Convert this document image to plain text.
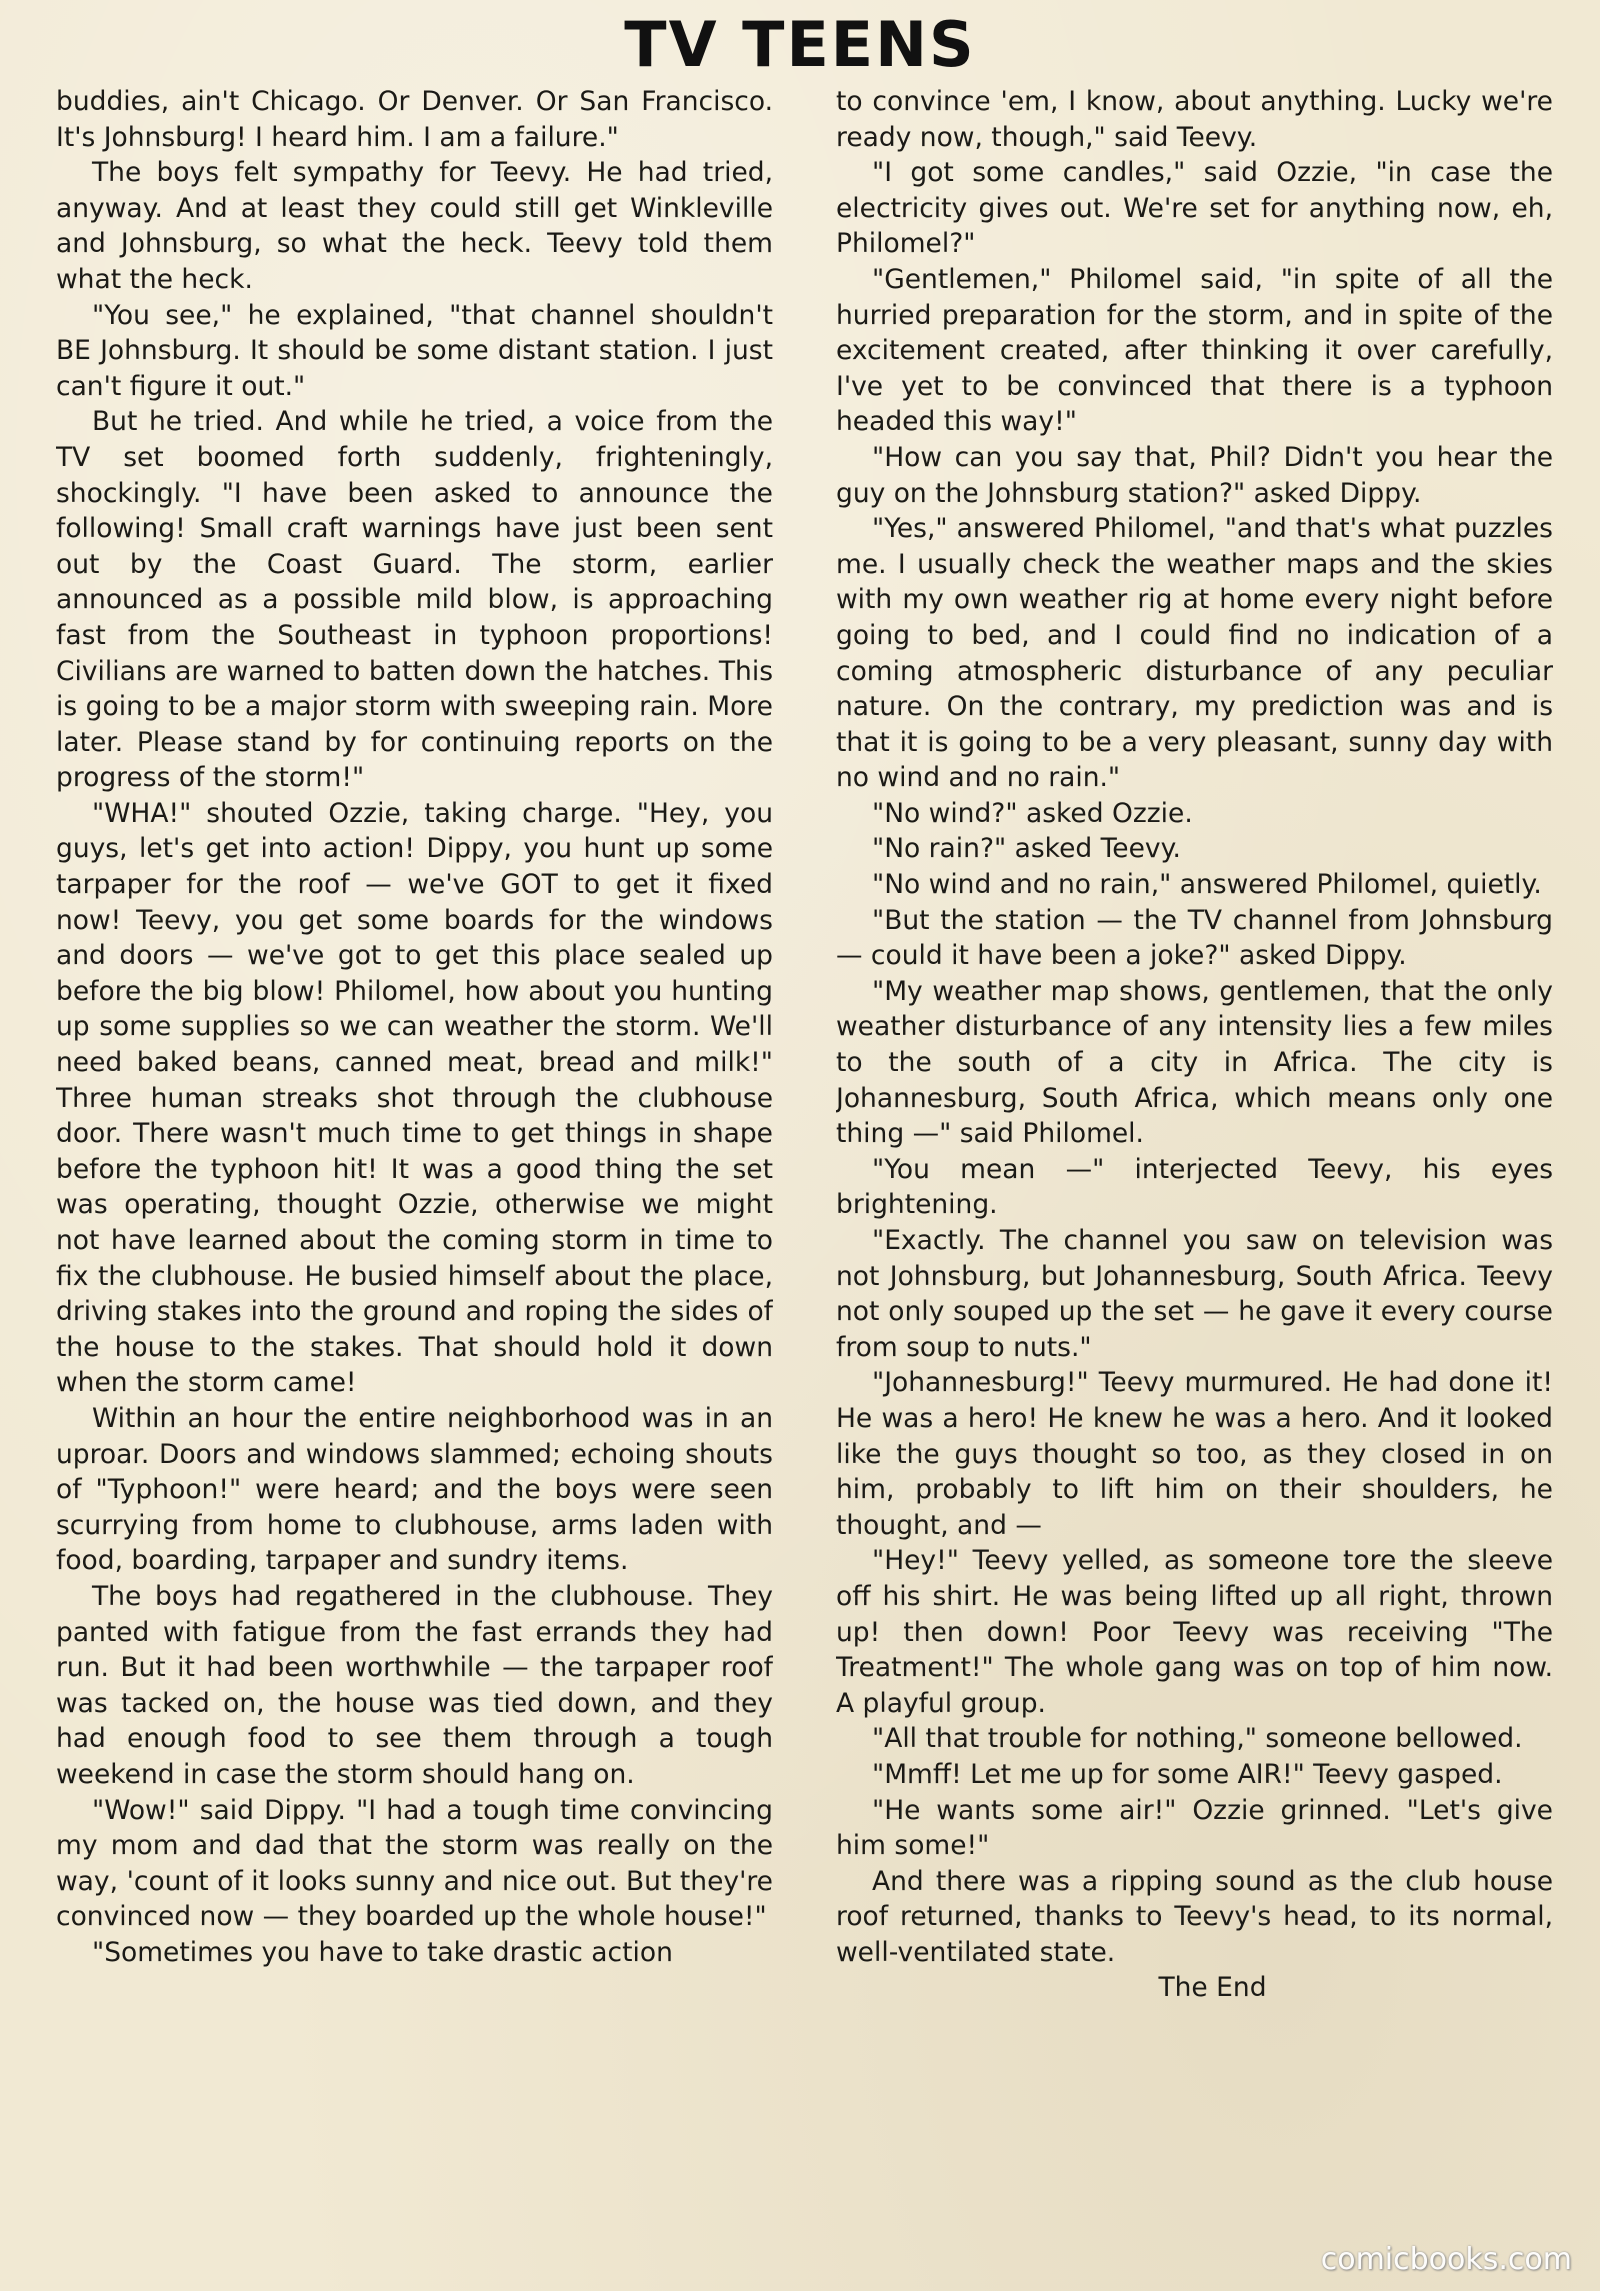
TV TEENS

buddies, ain't Chicago. Or Denver. Or San Francisco. It's Johnsburg! I heard him. I am a failure."

The boys felt sympathy for Teevy. He had tried, anyway. And at least they could still get Winkleville and Johnsburg, so what the heck. Teevy told them what the heck.

"You see," he explained, "that channel shouldn't BE Johnsburg. It should be some distant station. I just can't figure it out."

But he tried. And while he tried, a voice from the TV set boomed forth suddenly, frighteningly, shockingly. "I have been asked to announce the following! Small craft warnings have just been sent out by the Coast Guard. The storm, earlier announced as a possible mild blow, is approaching fast from the Southeast in typhoon proportions! Civilians are warned to batten down the hatches. This is going to be a major storm with sweeping rain. More later. Please stand by for continuing reports on the progress of the storm!"

"WHA!" shouted Ozzie, taking charge. "Hey, you guys, let's get into action! Dippy, you hunt up some tarpaper for the roof — we've GOT to get it fixed now! Teevy, you get some boards for the windows and doors — we've got to get this place sealed up before the big blow! Philomel, how about you hunting up some supplies so we can weather the storm. We'll need baked beans, canned meat, bread and milk!" Three human streaks shot through the clubhouse door. There wasn't much time to get things in shape before the typhoon hit! It was a good thing the set was operating, thought Ozzie, otherwise we might not have learned about the coming storm in time to fix the clubhouse. He busied himself about the place, driving stakes into the ground and roping the sides of the house to the stakes. That should hold it down when the storm came!

Within an hour the entire neighborhood was in an uproar. Doors and windows slammed; echoing shouts of "Typhoon!" were heard; and the boys were seen scurrying from home to clubhouse, arms laden with food, boarding, tarpaper and sundry items.

The boys had regathered in the clubhouse. They panted with fatigue from the fast errands they had run. But it had been worthwhile — the tarpaper roof was tacked on, the house was tied down, and they had enough food to see them through a tough weekend in case the storm should hang on.

"Wow!" said Dippy. "I had a tough time convincing my mom and dad that the storm was really on the way, 'count of it looks sunny and nice out. But they're convinced now — they boarded up the whole house!"

"Sometimes you have to take drastic action

to convince 'em, I know, about anything. Lucky we're ready now, though," said Teevy.

"I got some candles," said Ozzie, "in case the electricity gives out. We're set for anything now, eh, Philomel?"

"Gentlemen," Philomel said, "in spite of all the hurried preparation for the storm, and in spite of the excitement created, after thinking it over carefully, I've yet to be convinced that there is a typhoon headed this way!"

"How can you say that, Phil? Didn't you hear the guy on the Johnsburg station?" asked Dippy.

"Yes," answered Philomel, "and that's what puzzles me. I usually check the weather maps and the skies with my own weather rig at home every night before going to bed, and I could find no indication of a coming atmospheric disturbance of any peculiar nature. On the contrary, my prediction was and is that it is going to be a very pleasant, sunny day with no wind and no rain."

"No wind?" asked Ozzie.

"No rain?" asked Teevy.

"No wind and no rain," answered Philomel, quietly.

"But the station — the TV channel from Johnsburg — could it have been a joke?" asked Dippy.

"My weather map shows, gentlemen, that the only weather disturbance of any intensity lies a few miles to the south of a city in Africa. The city is Johannesburg, South Africa, which means only one thing —" said Philomel.

"You mean —" interjected Teevy, his eyes brightening.

"Exactly. The channel you saw on television was not Johnsburg, but Johannesburg, South Africa. Teevy not only souped up the set — he gave it every course from soup to nuts."

"Johannesburg!" Teevy murmured. He had done it! He was a hero! He knew he was a hero. And it looked like the guys thought so too, as they closed in on him, probably to lift him on their shoulders, he thought, and —

"Hey!" Teevy yelled, as someone tore the sleeve off his shirt. He was being lifted up all right, thrown up! then down! Poor Teevy was receiving "The Treatment!" The whole gang was on top of him now. A playful group.

"All that trouble for nothing," someone bellowed.

"Mmff! Let me up for some AIR!" Teevy gasped.

"He wants some air!" Ozzie grinned. "Let's give him some!"

And there was a ripping sound as the club house roof returned, thanks to Teevy's head, to its normal, well-ventilated state.

The End

comicbooks.com
